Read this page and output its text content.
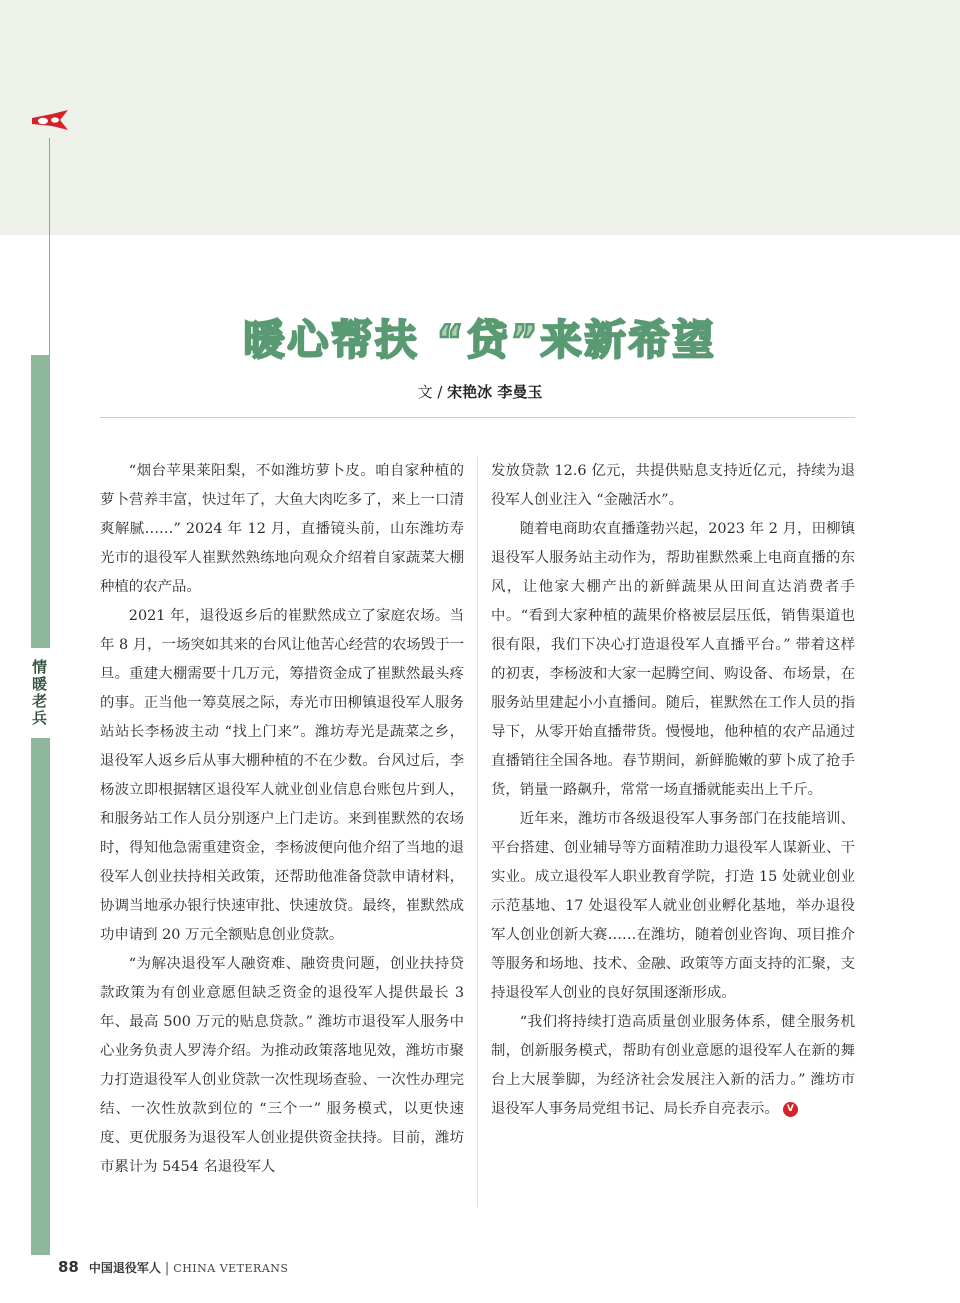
情暖老兵
暖心帮扶 “贷”来新希望
文 / 宋艳冰 李曼玉

“烟台苹果莱阳梨，不如潍坊萝卜皮。咱自家种植的萝卜营养丰富，快过年了，大鱼大肉吃多了，来上一口清爽解腻……” 2024 年 12 月，直播镜头前，山东潍坊寿光市的退役军人崔默然熟练地向观众介绍着自家蔬菜大棚种植的农产品。

2021 年，退役返乡后的崔默然成立了家庭农场。当年 8 月，一场突如其来的台风让他苦心经营的农场毁于一旦。重建大棚需要十几万元，筹措资金成了崔默然最头疼的事。正当他一筹莫展之际，寿光市田柳镇退役军人服务站站长李杨波主动 “找上门来”。潍坊寿光是蔬菜之乡，退役军人返乡后从事大棚种植的不在少数。台风过后，李杨波立即根据辖区退役军人就业创业信息台账包片到人，和服务站工作人员分别逐户上门走访。来到崔默然的农场时，得知他急需重建资金，李杨波便向他介绍了当地的退役军人创业扶持相关政策，还帮助他准备贷款申请材料，协调当地承办银行快速审批、快速放贷。最终，崔默然成功申请到 20 万元全额贴息创业贷款。

“为解决退役军人融资难、融资贵问题，创业扶持贷款政策为有创业意愿但缺乏资金的退役军人提供最长 3 年、最高 500 万元的贴息贷款。” 潍坊市退役军人服务中心业务负责人罗涛介绍。为推动政策落地见效，潍坊市聚力打造退役军人创业贷款一次性现场查验、一次性办理完结、一次性放款到位的 “三个一” 服务模式，以更快速度、更优服务为退役军人创业提供资金扶持。目前，潍坊市累计为 5454 名退役军人

发放贷款 12.6 亿元，共提供贴息支持近亿元，持续为退役军人创业注入 “金融活水”。

随着电商助农直播蓬勃兴起，2023 年 2 月，田柳镇退役军人服务站主动作为，帮助崔默然乘上电商直播的东风，让他家大棚产出的新鲜蔬果从田间直达消费者手中。“看到大家种植的蔬果价格被层层压低，销售渠道也很有限，我们下决心打造退役军人直播平台。” 带着这样的初衷，李杨波和大家一起腾空间、购设备、布场景，在服务站里建起小小直播间。随后，崔默然在工作人员的指导下，从零开始直播带货。慢慢地，他种植的农产品通过直播销往全国各地。春节期间，新鲜脆嫩的萝卜成了抢手货，销量一路飙升，常常一场直播就能卖出上千斤。

近年来，潍坊市各级退役军人事务部门在技能培训、平台搭建、创业辅导等方面精准助力退役军人谋新业、干实业。成立退役军人职业教育学院，打造 15 处就业创业示范基地、17 处退役军人就业创业孵化基地，举办退役军人创业创新大赛……在潍坊，随着创业咨询、项目推介等服务和场地、技术、金融、政策等方面支持的汇聚，支持退役军人创业的良好氛围逐渐形成。

“我们将持续打造高质量创业服务体系，健全服务机制，创新服务模式，帮助有创业意愿的退役军人在新的舞台上大展拳脚，为经济社会发展注入新的活力。” 潍坊市退役军人事务局党组书记、局长乔自亮表示。 V

88 中国退役军人 | CHINA VETERANS
